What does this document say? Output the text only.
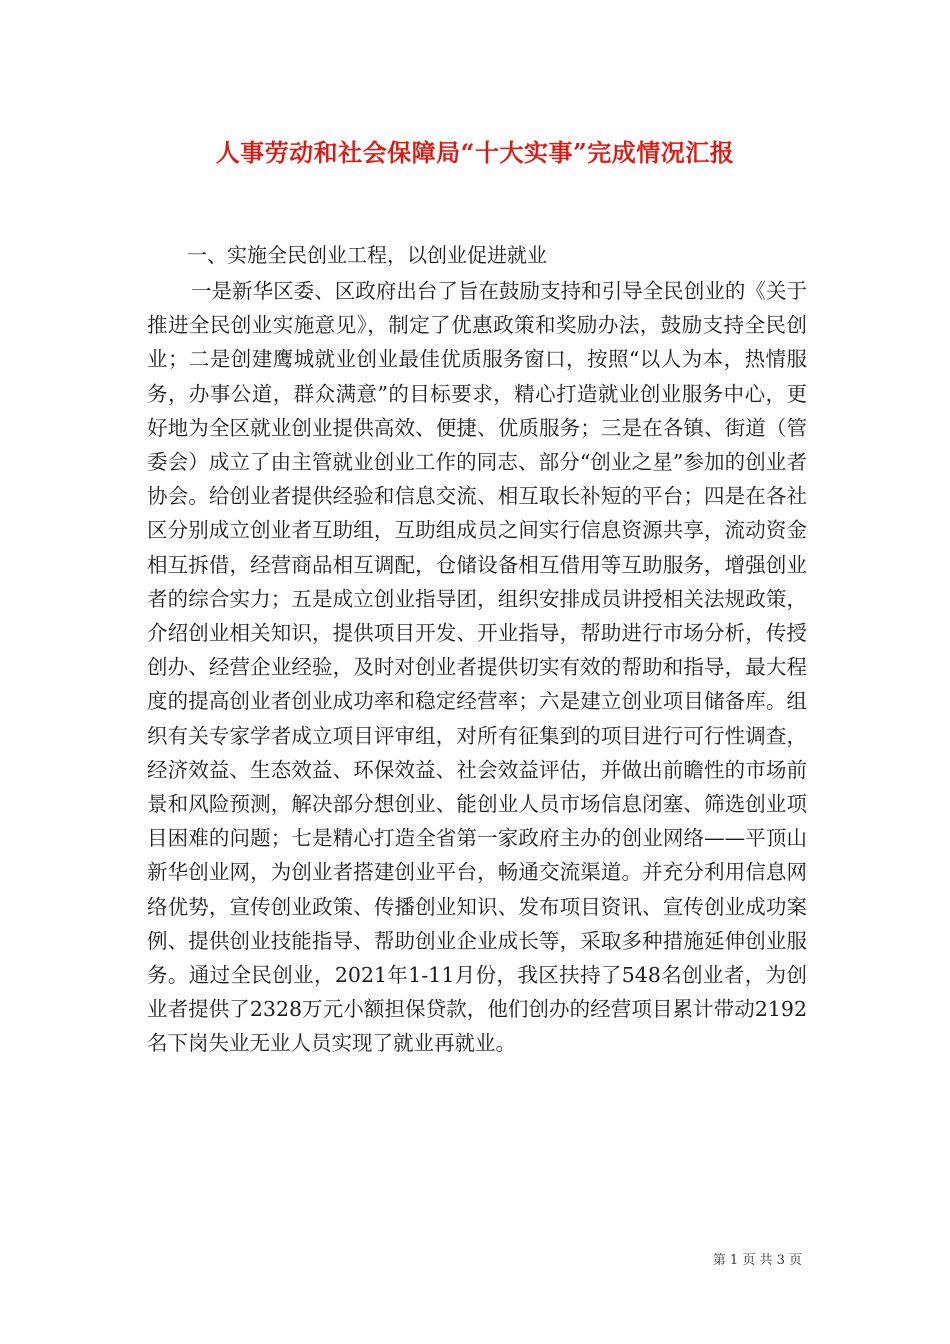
人事劳动和社会保障局“十大实事”完成情况汇报

一、实施全民创业工程，以创业促进就业

一是新华区委、区政府出台了旨在鼓励支持和引导全民创业的《关于推进全民创业实施意见》，制定了优惠政策和奖励办法，鼓励支持全民创业；二是创建鹰城就业创业最佳优质服务窗口，按照“以人为本，热情服务，办事公道，群众满意”的目标要求，精心打造就业创业服务中心，更好地为全区就业创业提供高效、便捷、优质服务；三是在各镇、街道（管委会）成立了由主管就业创业工作的同志、部分“创业之星”参加的创业者协会。给创业者提供经验和信息交流、相互取长补短的平台；四是在各社区分别成立创业者互助组，互助组成员之间实行信息资源共享，流动资金相互拆借，经营商品相互调配，仓储设备相互借用等互助服务，增强创业者的综合实力；五是成立创业指导团，组织安排成员讲授相关法规政策，介绍创业相关知识，提供项目开发、开业指导，帮助进行市场分析，传授创办、经营企业经验，及时对创业者提供切实有效的帮助和指导，最大程度的提高创业者创业成功率和稳定经营率；六是建立创业项目储备库。组织有关专家学者成立项目评审组，对所有征集到的项目进行可行性调查，经济效益、生态效益、环保效益、社会效益评估，并做出前瞻性的市场前景和风险预测，解决部分想创业、能创业人员市场信息闭塞、筛选创业项目困难的问题；七是精心打造全省第一家政府主办的创业网络——平顶山新华创业网，为创业者搭建创业平台，畅通交流渠道。并充分利用信息网络优势，宣传创业政策、传播创业知识、发布项目资讯、宣传创业成功案例、提供创业技能指导、帮助创业企业成长等，采取多种措施延伸创业服务。通过全民创业，2021年1-11月份，我区扶持了548名创业者，为创业者提供了2328万元小额担保贷款，他们创办的经营项目累计带动2192名下岗失业无业人员实现了就业再就业。

第 1 页 共 3 页
